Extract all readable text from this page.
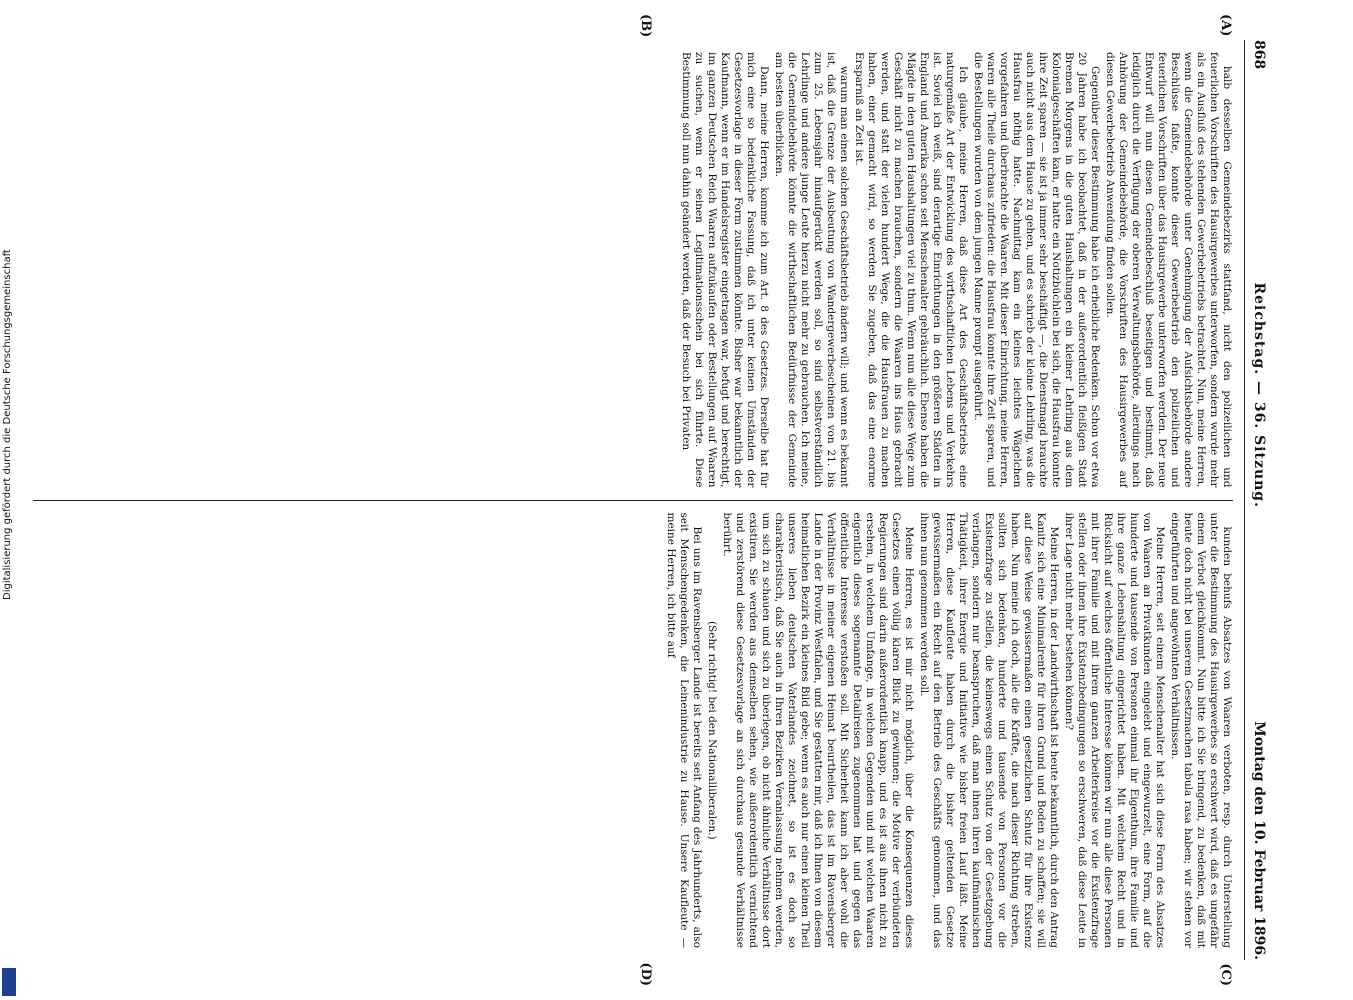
868
Reichstag. — 36. Sitzung.
Montag den 10. Februar 1896.
(A)
(B)
(C)
(D)

halb desselben Gemeindebezirks stattfand, nicht den polizeilichen und feuerlichen Vorschriften des Hausirgewerbes unterworfen, sondern wurde mehr als ein Ausfluß des stehenden Gewerbebetriebs betrachtet. Nun, meine Herren, wenn die Gemeindebehörde unter Genehmigung der Aufsichtsbehörde andere Beschlüsse faßte, konnte dieser Gewerbebetrieb den polizeilichen und feuerlichen Vorschriften über das Hausirgewerbe unterworfen werden. Der neue Entwurf will nun diesen Gemeindebeschluß beseitigen und bestimmt, daß lediglich durch die Verfügung der oberen Verwaltungsbehörde, allerdings nach Anhörung der Gemeindebehörde, die Vorschriften des Hausirgewerbes auf diesen Gewerbebetrieb Anwendung finden sollen.

Gegenüber dieser Bestimmung habe ich erhebliche Bedenken. Schon vor etwa 20 Jahren habe ich beobachtet, daß in der außerordentlich fleißigen Stadt Bremen Morgens in die guten Haushaltungen ein kleiner Lehrling aus dem Kolonialgeschäften kam, er hatte ein Notizbüchlein bei sich, die Hausfrau konnte ihre Zeit sparen — sie ist ja immer sehr beschäftigt —, die Dienstmagd brauchte auch nicht aus dem Hause zu gehen, und es schrieb der kleine Lehrling, was die Hausfrau nöthig hatte. Nachmittag kam ein kleines leichtes Wägelchen vorgefahren und überbrachte die Waaren. Mit dieser Einrichtung, meine Herren, waren alle Theile durchaus zufrieden: die Hausfrau konnte ihre Zeit sparen, und die Bestellungen wurden von dem jungen Manne prompt ausgeführt.

Ich glaube, meine Herren, daß diese Art des Geschäftsbetriebs eine naturgemäße Art der Entwicklung des wirthschaftlichen Lebens und Verkehrs ist. Soviel ich weiß, sind derartige Einrichtungen in den größeren Städten in England und Amerika schon seit Menschenalter gebräuchlich. Ebenso haben die Mägde in den guten Haushaltungen viel zu thun. Wenn nun alle diese Wege zum Geschäft nicht zu machen brauchen, sondern die Waaren ins Haus gebracht werden, und statt der vielen hundert Wege, die die Hausfrauen zu machen haben, einer gemacht wird, so werden Sie zugeben, daß das eine enorme Ersparniß an Zeit ist.

warum man einen solchen Geschäftsbetrieb ändern will; und wenn es bekannt ist, daß die Grenze der Ausbeutung von Wandergewerbescheinen von 21. bis zum 25. Lebensjahr hinaufgerückt werden soll, so sind selbstverständlich Lehrlinge und andere junge Leute hierzu nicht mehr zu gebrauchen. Ich meine, die Gemeindebehörde könnte die wirthschaftlichen Bedürfnisse der Gemeinde am besten überblicken.

Dann, meine Herren, komme ich zum Art. 8 des Gesetzes. Derselbe hat für mich eine so bedenkliche Fassung, daß ich unter keinen Umständen der Gesetzesvorlage in dieser Form zustimmen könnte. Bisher war bekanntlich der Kaufmann, wenn er im Handelsregister eingetragen war, befugt und berechtigt, im ganzen Deutschen Reich Waaren aufzukaufen oder Bestellungen auf Waaren zu suchen, wenn er seinen Legitimationsschein bei sich führte. Diese Bestimmung soll nun dahin geändert werden, daß der Besuch bei Privaten

kunden behufs Absatzes von Waaren verboten, resp. durch Unterstellung unter die Bestimmung des Hausirgewerbes so erschwert wird, daß es ungefähr einem Verbot gleichkommt. Nun bitte ich Sie bringend, zu bedenken, daß mit heute doch nicht bei unserem Gesetzmachen tabula rasa haben; wir stehen vor eingeführten und angewöhnten Verhältnissen.

Meine Herren, seit einem Menschenalter hat sich diese Form des Absatzes von Waaren an Privatkunden eingelebt und eingewurzelt, eine Form, auf die hunderte und tausende von Personen einmal ihr Eigenthum, ihre Familie und ihre ganze Lebenshaltung eingerichtet haben. Mit welchem Recht und in Rücksicht auf welches öffentliche Interesse können wir nun alle diese Personen mit ihrer Familie und mit ihrem ganzen Arbeiterkreise vor die Existenzfrage stellen oder ihnen ihre Existenzbedingungen so erschweren, daß diese Leute in ihrer Lage nicht mehr bestehen können?

Meine Herren, in der Landwirthschaft ist heute bekanntlich, durch den Antrag Kanitz sich eine Minimalrente für ihren Grund und Boden zu schaffen; sie will auf diese Weise gewissermaßen einen gesetzlichen Schutz für ihre Existenz haben. Nun meine ich doch, alle die Kräfte, die nach dieser Richtung streben, sollten sich bedenken, hunderte und tausende von Personen vor die Existenzfrage zu stellen, die keineswegs einen Schutz von der Gesetzgebung verlangen, sondern nur beanspruchen, daß man ihnen ihren kaufmännischen Thätigkeit, ihrer Energie und Initiative wie bisher freien Lauf läßt. Meine Herren, diese Kaufleute haben durch die bisher geltenden Gesetze gewissermaßen ein Recht auf den Betrieb des Geschäfts genommen, und das ihnen nun genommen werden soll.

Meine Herren, es ist mir nicht möglich, über die Konsequenzen dieses Gesetzes einen völlig klaren Blick zu gewinnen; die Motive der verbündeten Regierungen sind darin außerordentlich knapp, und es ist aus ihnen nicht zu ersehen, in welchem Umfange, in welchen Gegenden und mit welchen Waaren eigentlich dieses sogenannte Detailreisen zugenommen hat und gegen das öffentliche Interesse verstoßen soll. Mit Sicherheit kann ich aber wohl die Verhältnisse in meiner eigenen Heimat beurtheilen, das ist im Ravensberger Lande in der Provinz Westfalen, und Sie gestatten mir, daß ich Ihnen von diesem heimatlichen Bezirk ein kleines Bild gebe; wenn es auch nur einen kleinen Theil unseres lieben deutschen Vaterlandes zeichnet, so ist es doch so charakteristisch, daß Sie auch in Ihren Bezirken Veranlassung nehmen werden, um sich zu schauen und sich zu überlegen, ob nicht ähnliche Verhältnisse dort existiren. Sie werden aus demselben sehen, wie außerordentlich vernichtend und zerstörend diese Gesetzesvorlage an sich durchaus gesunde Verhältnisse berührt.

(Sehr richtig! bei den Nationalliberalen.)

Bei uns im Ravensberger Lande ist bereits seit Anfang des Jahrhunderts, also seit Menschengedenken, die Leinenindustrie zu Hause. Unsere Kaufleute — meine Herren, ich bitte auf

Digitalisierung gefördert durch die Deutsche Forschungsgemeinschaft
